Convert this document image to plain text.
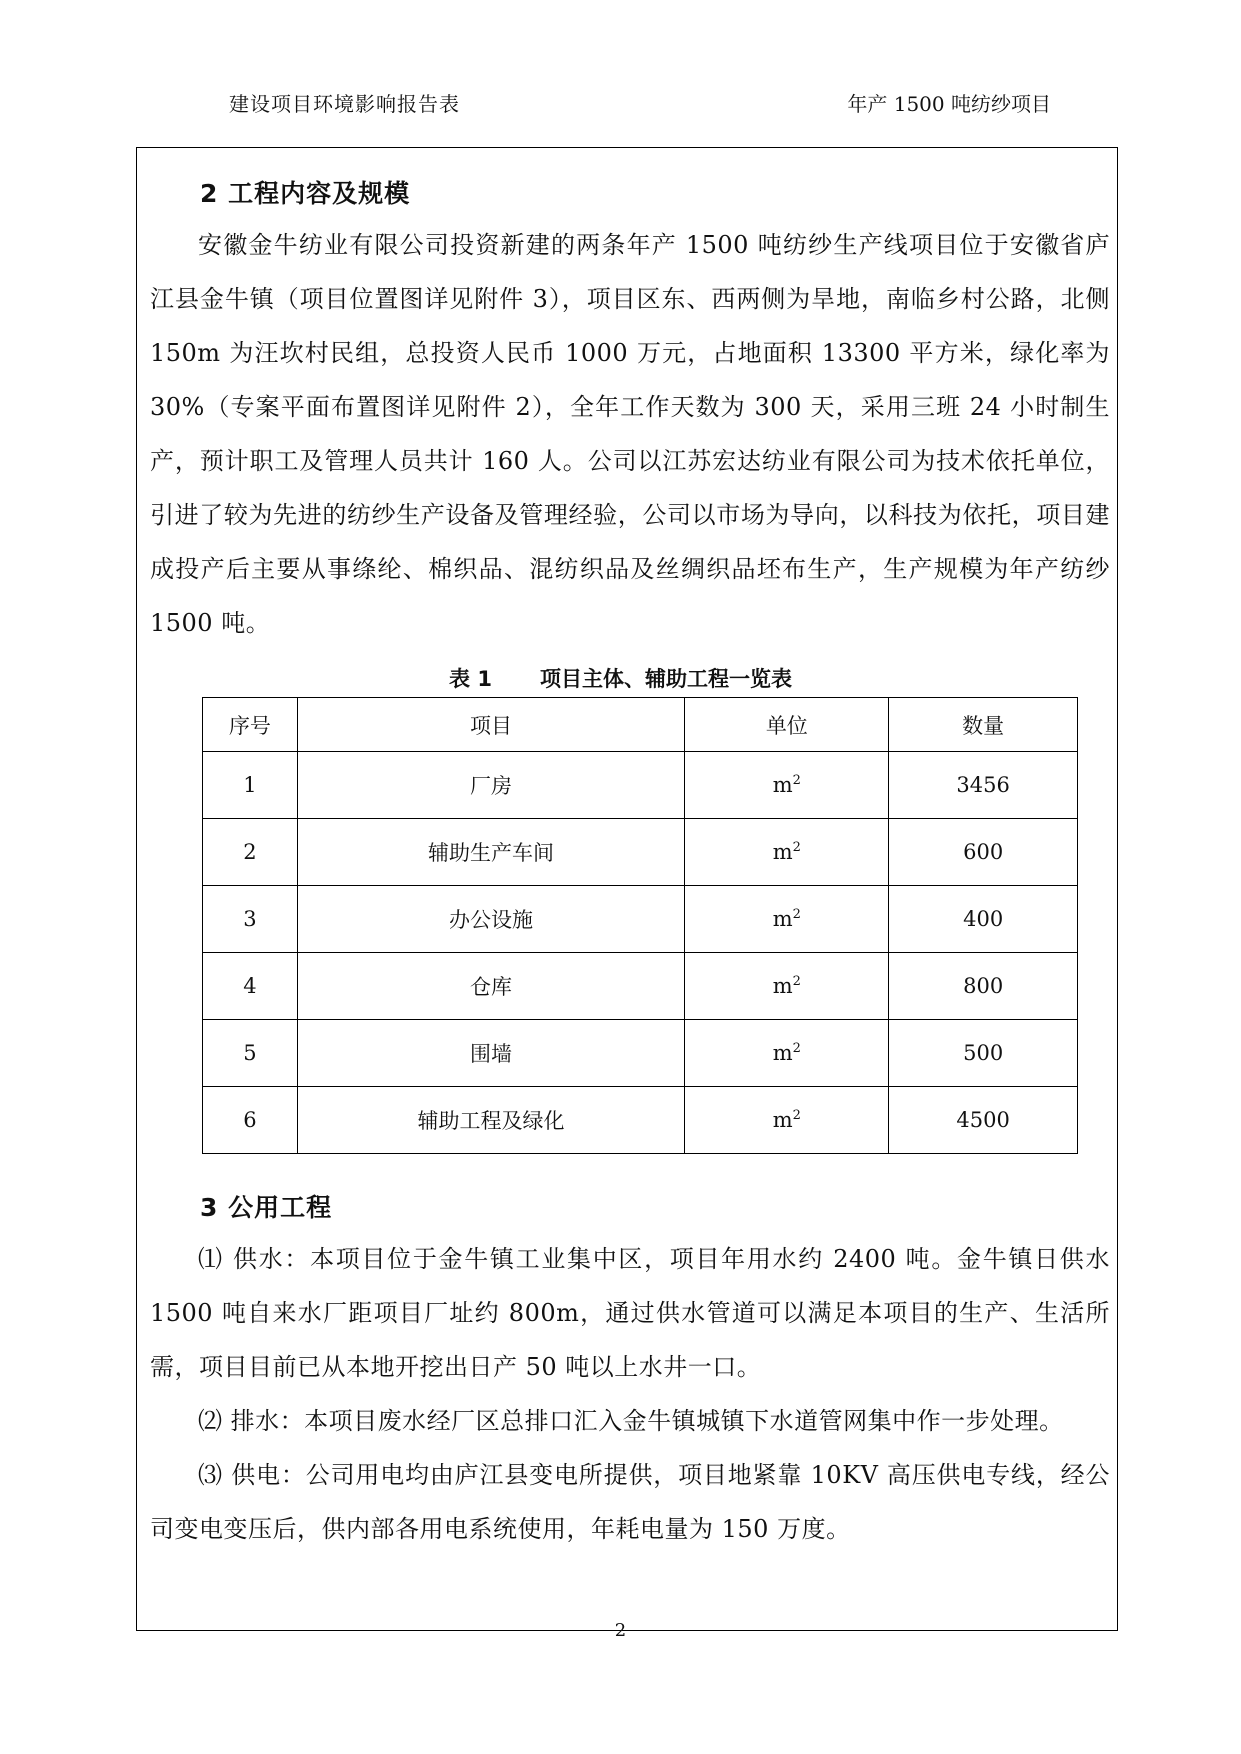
建设项目环境影响报告表	年产 1500 吨纺纱项目
2 工程内容及规模
安徽金牛纺业有限公司投资新建的两条年产 1500 吨纺纱生产线项目位于安徽省庐江县金牛镇（项目位置图详见附件 3），项目区东、西两侧为旱地，南临乡村公路，北侧 150m 为汪坎村民组，总投资人民币 1000 万元，占地面积 13300 平方米，绿化率为 30%（专案平面布置图详见附件 2），全年工作天数为 300 天，采用三班 24 小时制生产，预计职工及管理人员共计 160 人。公司以江苏宏达纺业有限公司为技术依托单位，引进了较为先进的纺纱生产设备及管理经验，公司以市场为导向，以科技为依托，项目建成投产后主要从事绦纶、棉织品、混纺织品及丝绸织品坯布生产，生产规模为年产纺纱 1500 吨。
表 1 项目主体、辅助工程一览表
序号	项目	单位	数量
1	厂房	$m^2$	3456
2	辅助生产车间	$m^2$	600
3	办公设施	$m^2$	400
4	仓库	$m^2$	800
5	围墙	$m^2$	500
6	辅助工程及绿化	$m^2$	4500
3 公用工程
⑴ 供水：本项目位于金牛镇工业集中区，项目年用水约 2400 吨。金牛镇日供水 1500 吨自来水厂距项目厂址约 800m，通过供水管道可以满足本项目的生产、生活所需，项目目前已从本地开挖出日产 50 吨以上水井一口。
⑵ 排水：本项目废水经厂区总排口汇入金牛镇城镇下水道管网集中作一步处理。
⑶ 供电：公司用电均由庐江县变电所提供，项目地紧靠 10KV 高压供电专线，经公司变电变压后，供内部各用电系统使用，年耗电量为 150 万度。
2
